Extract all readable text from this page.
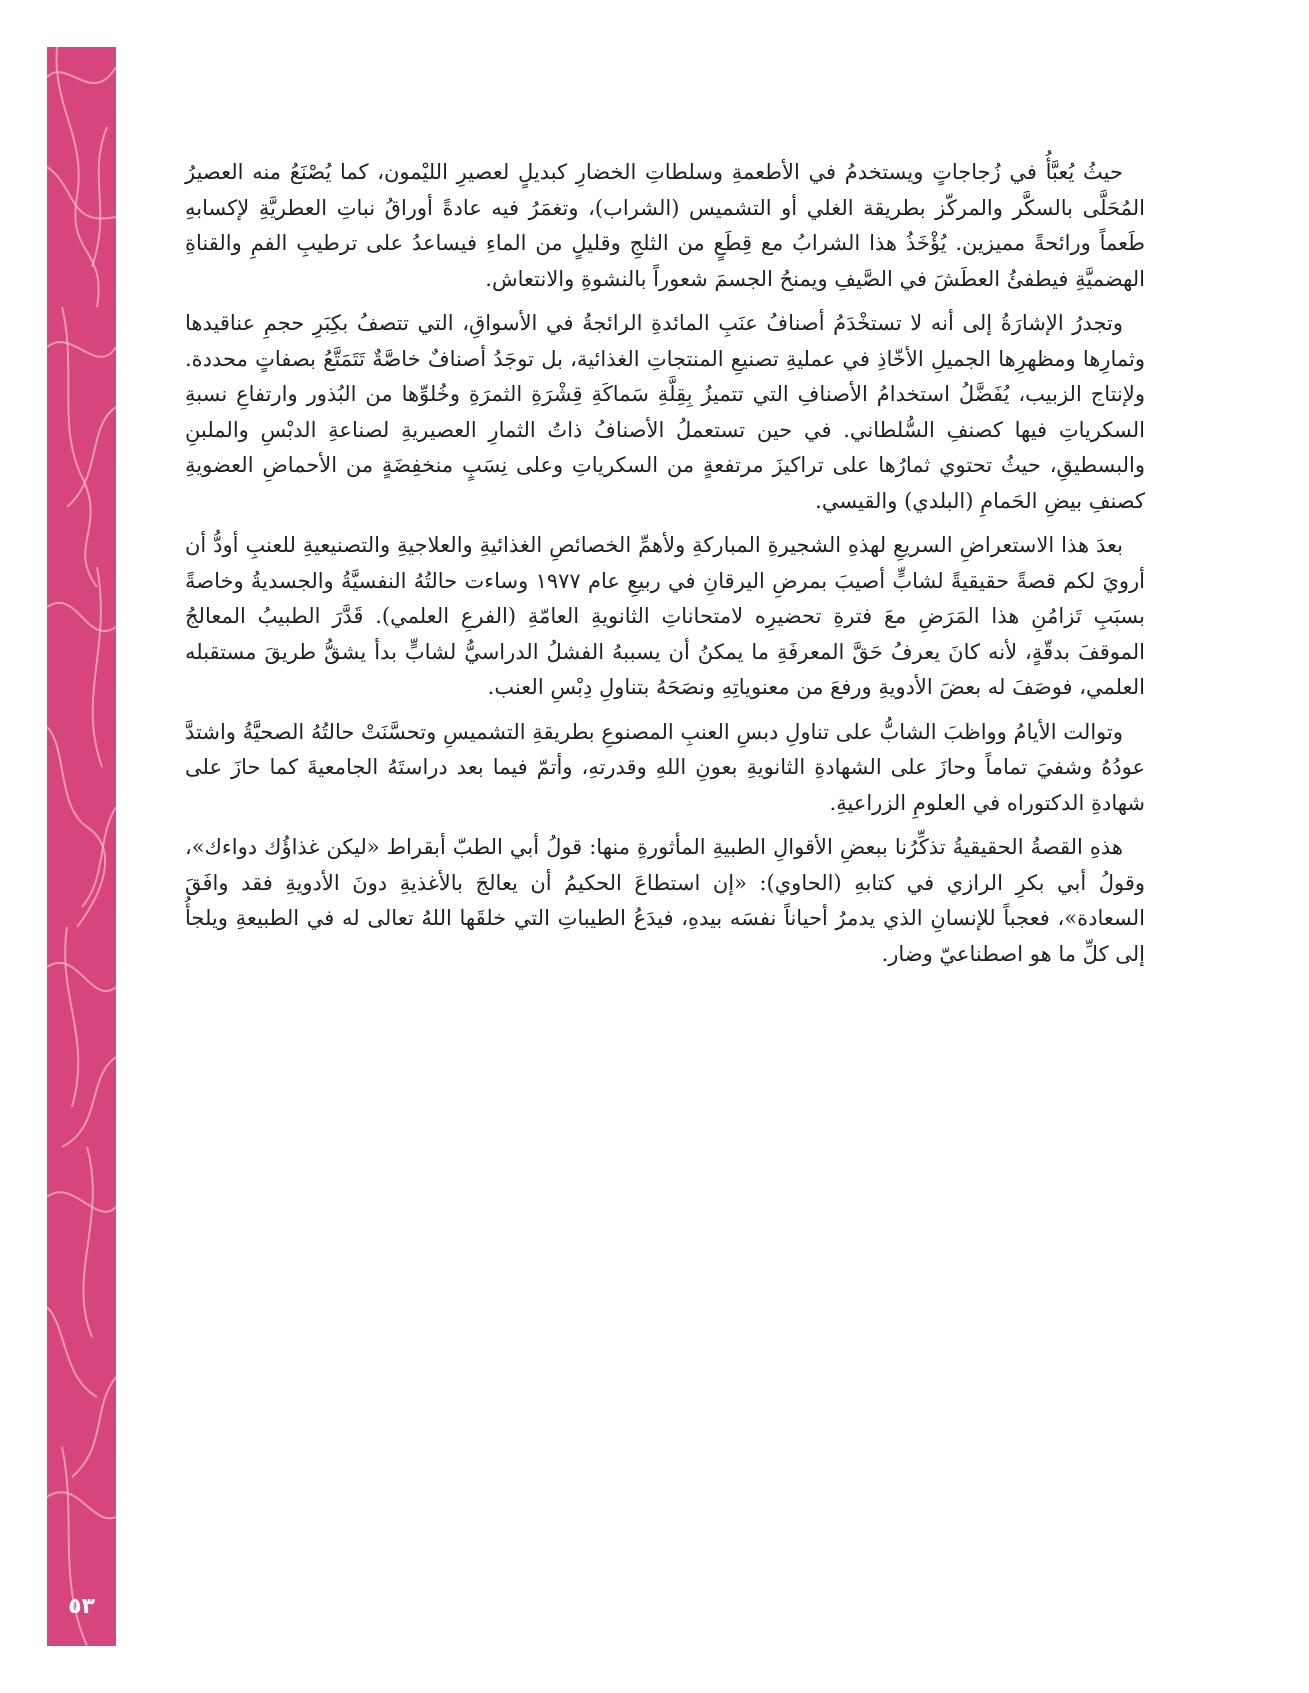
٥٣

حيثُ يُعبَّأُ في زُجاجاتٍ ويستخدمُ في الأطعمةِ وسلطاتِ الخضارِ كبديلٍ لعصيرِ الليْمون، كما يُصْنَعُ منه العصيرُ المُحَلَّى بالسكَّر والمركّز بطريقة الغلي أو التشميس (الشراب)، وتغمَرُ فيه عادةً أوراقُ نباتِ العطريَّةِ لإكسابهِ طَعماً ورائحةً مميزين. يُؤْخَذُ هذا الشرابُ مع قِطَعٍ من الثلجِ وقليلٍ من الماءِ فيساعدُ على ترطيبِ الفمِ والقناةِ الهضميَّةِ فيطفئُ العطَشَ في الصَّيفِ ويمنحُ الجسمَ شعوراً بالنشوةِ والانتعاش.

وتجدرُ الإشارَةُ إلى أنه لا تستخْدَمُ أصنافُ عنَبِ المائدةِ الرائجةُ في الأسواقِ، التي تتصفُ بكِبَرِ حجمِ عناقيدها وثمارِها ومظهرِها الجميلِ الأخّاذِ في عمليةِ تصنيعِ المنتجاتِ الغذائية، بل توجَدُ أصنافٌ خاصَّةٌ تَتَمَتَّعُ بصفاتٍ محددة. ولإنتاج الزبيب، يُفَضَّلُ استخدامُ الأصنافِ التي تتميزُ بِقِلَّةِ سَماكَةِ قِشْرَةِ الثمرَةِ وخُلوِّها من البُذور وارتفاعِ نسبةِ السكرياتِ فيها كصنفِ السُّلطاني. في حين تستعملُ الأصنافُ ذاتُ الثمارِ العصيريةِ لصناعةِ الدبْسِ والملبنِ والبسطيقِ، حيثُ تحتوي ثمارُها على تراكيزَ مرتفعةٍ من السكرياتِ وعلى نِسَبٍ منخفِضَةٍ من الأحماضِ العضويةِ كصنفِ بيضِ الحَمامِ (البلدي) والقيسي.

بعدَ هذا الاستعراضِ السريعِ لهذهِ الشجيرةِ المباركةِ ولأهمِّ الخصائصِ الغذائيةِ والعلاجيةِ والتصنيعيةِ للعنبِ أودُّ أن أرويَ لكم قصةً حقيقيةً لشابٍّ أصيبَ بمرضِ اليرقانِ في ربيعِ عام ١٩٧٧ وساءت حالتُهُ النفسيَّةُ والجسديةُ وخاصةً بسبَبِ تَزامُنِ هذا المَرَضِ معَ فترةِ تحضيرِه لامتحاناتِ الثانويةِ العامّةِ (الفرعِ العلمي). قَدَّرَ الطبيبُ المعالجُ الموقفَ بدقّةٍ، لأنه كانَ يعرفُ حَقَّ المعرفَةِ ما يمكنُ أن يسببهُ الفشلُ الدراسيُّ لشابٍّ بدأ يشقُّ طريقَ مستقبله العلمي، فوصَفَ له بعضَ الأدويةِ ورفعَ من معنوياتِهِ ونصَحَهُ بتناولِ دِبْسِ العنب.

وتوالت الأيامُ وواظبَ الشابُّ على تناولِ دبسِ العنبِ المصنوعِ بطريقةِ التشميسِ وتحسَّنَتْ حالتُهُ الصحيَّةُ واشتدَّ عودُهُ وشفيَ تماماً وحازَ على الشهادةِ الثانويةِ بعونِ اللهِ وقدرتهِ، وأتمّ فيما بعد دراستَهُ الجامعيةَ كما حازَ على شهادةِ الدكتوراه في العلومِ الزراعيةِ.

هذهِ القصةُ الحقيقيةُ تذكِّرُنا ببعضِ الأقوالِ الطبيةِ المأثورةِ منها: قولُ أبي الطبّ أبقراط «ليكن غذاؤُك دواءك»، وقولُ أبي بكرِ الرازي في كتابهِ (الحاوي): «إن استطاعَ الحكيمُ أن يعالجَ بالأغذيةِ دونَ الأدويةِ فقد وافَقَ السعادة»، فعجباً للإنسانِ الذي يدمرُ أحياناً نفسَه بيدهِ، فيدَعُ الطيباتِ التي خلقَها اللهُ تعالى له في الطبيعةِ ويلجأُ إلى كلِّ ما هو اصطناعيّ وضار.
